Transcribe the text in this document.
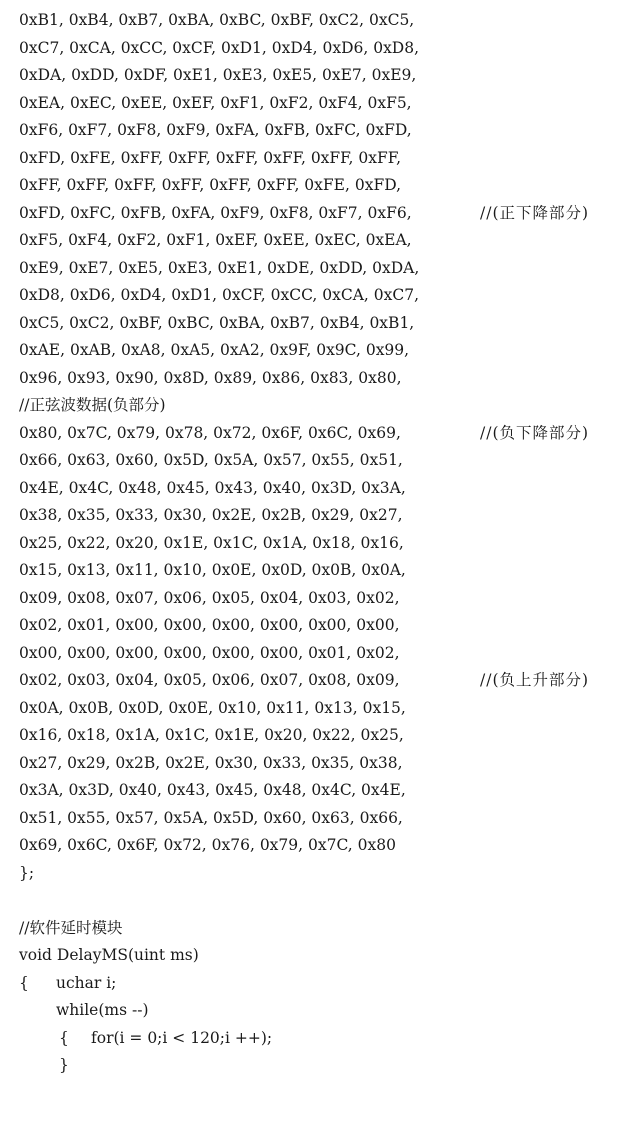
0xB1, 0xB4, 0xB7, 0xBA, 0xBC, 0xBF, 0xC2, 0xC5,
0xC7, 0xCA, 0xCC, 0xCF, 0xD1, 0xD4, 0xD6, 0xD8,
0xDA, 0xDD, 0xDF, 0xE1, 0xE3, 0xE5, 0xE7, 0xE9,
0xEA, 0xEC, 0xEE, 0xEF, 0xF1, 0xF2, 0xF4, 0xF5,
0xF6, 0xF7, 0xF8, 0xF9, 0xFA, 0xFB, 0xFC, 0xFD,
0xFD, 0xFE, 0xFF, 0xFF, 0xFF, 0xFF, 0xFF, 0xFF,
0xFF, 0xFF, 0xFF, 0xFF, 0xFF, 0xFF, 0xFE, 0xFD,
0xFD, 0xFC, 0xFB, 0xFA, 0xF9, 0xF8, 0xF7, 0xF6,	//(正下降部分)
0xF5, 0xF4, 0xF2, 0xF1, 0xEF, 0xEE, 0xEC, 0xEA,
0xE9, 0xE7, 0xE5, 0xE3, 0xE1, 0xDE, 0xDD, 0xDA,
0xD8, 0xD6, 0xD4, 0xD1, 0xCF, 0xCC, 0xCA, 0xC7,
0xC5, 0xC2, 0xBF, 0xBC, 0xBA, 0xB7, 0xB4, 0xB1,
0xAE, 0xAB, 0xA8, 0xA5, 0xA2, 0x9F, 0x9C, 0x99,
0x96, 0x93, 0x90, 0x8D, 0x89, 0x86, 0x83, 0x80,
//正弦波数据(负部分)
0x80, 0x7C, 0x79, 0x78, 0x72, 0x6F, 0x6C, 0x69,	//(负下降部分)
0x66, 0x63, 0x60, 0x5D, 0x5A, 0x57, 0x55, 0x51,
0x4E, 0x4C, 0x48, 0x45, 0x43, 0x40, 0x3D, 0x3A,
0x38, 0x35, 0x33, 0x30, 0x2E, 0x2B, 0x29, 0x27,
0x25, 0x22, 0x20, 0x1E, 0x1C, 0x1A, 0x18, 0x16,
0x15, 0x13, 0x11, 0x10, 0x0E, 0x0D, 0x0B, 0x0A,
0x09, 0x08, 0x07, 0x06, 0x05, 0x04, 0x03, 0x02,
0x02, 0x01, 0x00, 0x00, 0x00, 0x00, 0x00, 0x00,
0x00, 0x00, 0x00, 0x00, 0x00, 0x00, 0x01, 0x02,
0x02, 0x03, 0x04, 0x05, 0x06, 0x07, 0x08, 0x09,	//(负上升部分)
0x0A, 0x0B, 0x0D, 0x0E, 0x10, 0x11, 0x13, 0x15,
0x16, 0x18, 0x1A, 0x1C, 0x1E, 0x20, 0x22, 0x25,
0x27, 0x29, 0x2B, 0x2E, 0x30, 0x33, 0x35, 0x38,
0x3A, 0x3D, 0x40, 0x43, 0x45, 0x48, 0x4C, 0x4E,
0x51, 0x55, 0x57, 0x5A, 0x5D, 0x60, 0x63, 0x66,
0x69, 0x6C, 0x6F, 0x72, 0x76, 0x79, 0x7C, 0x80
};

//软件延时模块

void DelayMS(uint ms)

{

uchar i;

while(ms --)

{

for(i = 0;i < 120;i ++);

}
